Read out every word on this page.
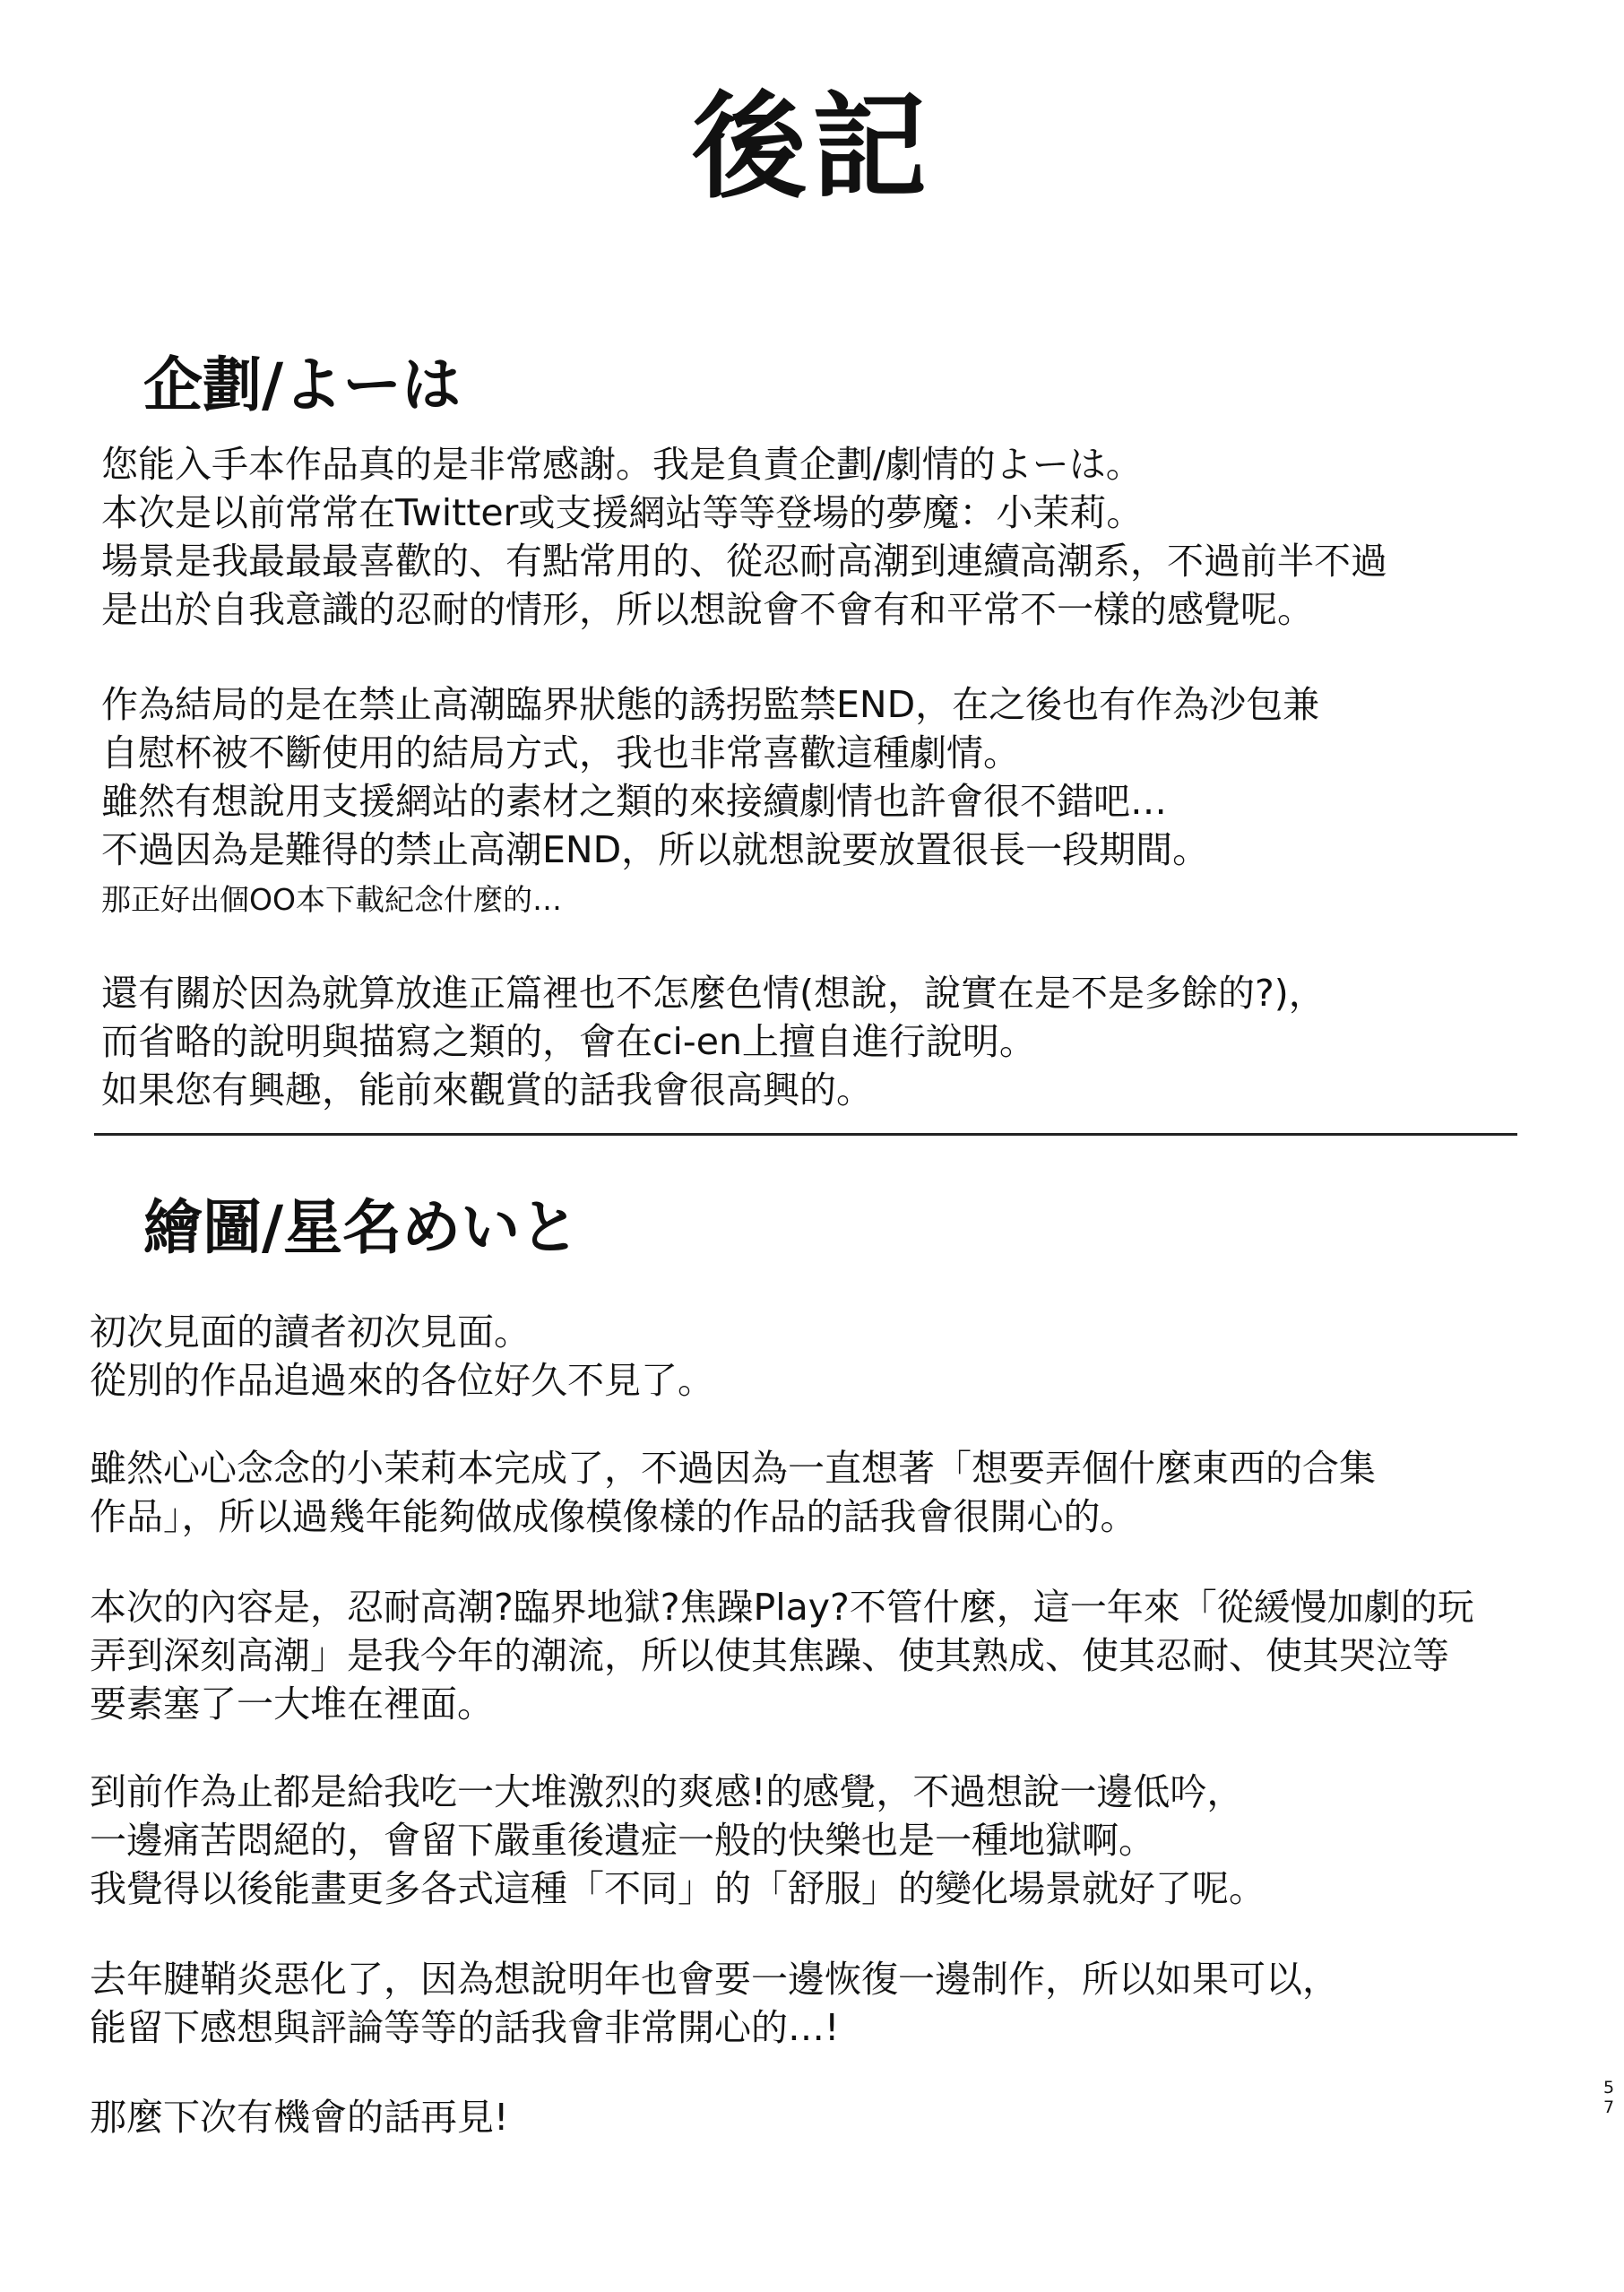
後記
企劃/よーは
您能入手本作品真的是非常感謝。我是負責企劃/劇情的よーは。
本次是以前常常在Twitter或支援網站等等登場的夢魔：小茉莉。
場景是我最最最喜歡的、有點常用的、從忍耐高潮到連續高潮系，不過前半不過
是出於自我意識的忍耐的情形，所以想說會不會有和平常不一樣的感覺呢。
作為結局的是在禁止高潮臨界狀態的誘拐監禁END，在之後也有作為沙包兼
自慰杯被不斷使用的結局方式，我也非常喜歡這種劇情。
雖然有想說用支援網站的素材之類的來接續劇情也許會很不錯吧…
不過因為是難得的禁止高潮END，所以就想說要放置很長一段期間。
那正好出個OO本下載紀念什麼的…
還有關於因為就算放進正篇裡也不怎麼色情(想說，說實在是不是多餘的?)，
而省略的說明與描寫之類的，會在ci-en上擅自進行說明。
如果您有興趣，能前來觀賞的話我會很高興的。
繪圖/星名めいと
初次見面的讀者初次見面。
從別的作品追過來的各位好久不見了。
雖然心心念念的小茉莉本完成了，不過因為一直想著「想要弄個什麼東西的合集
作品」，所以過幾年能夠做成像模像樣的作品的話我會很開心的。
本次的內容是，忍耐高潮?臨界地獄?焦躁Play?不管什麼，這一年來「從緩慢加劇的玩
弄到深刻高潮」是我今年的潮流，所以使其焦躁、使其熟成、使其忍耐、使其哭泣等
要素塞了一大堆在裡面。
到前作為止都是給我吃一大堆激烈的爽感!的感覺，不過想說一邊低吟，
一邊痛苦悶絕的，會留下嚴重後遺症一般的快樂也是一種地獄啊。
我覺得以後能畫更多各式這種「不同」的「舒服」的變化場景就好了呢。
去年腱鞘炎惡化了，因為想說明年也會要一邊恢復一邊制作，所以如果可以，
能留下感想與評論等等的話我會非常開心的…!
那麼下次有機會的話再見!
5
7
